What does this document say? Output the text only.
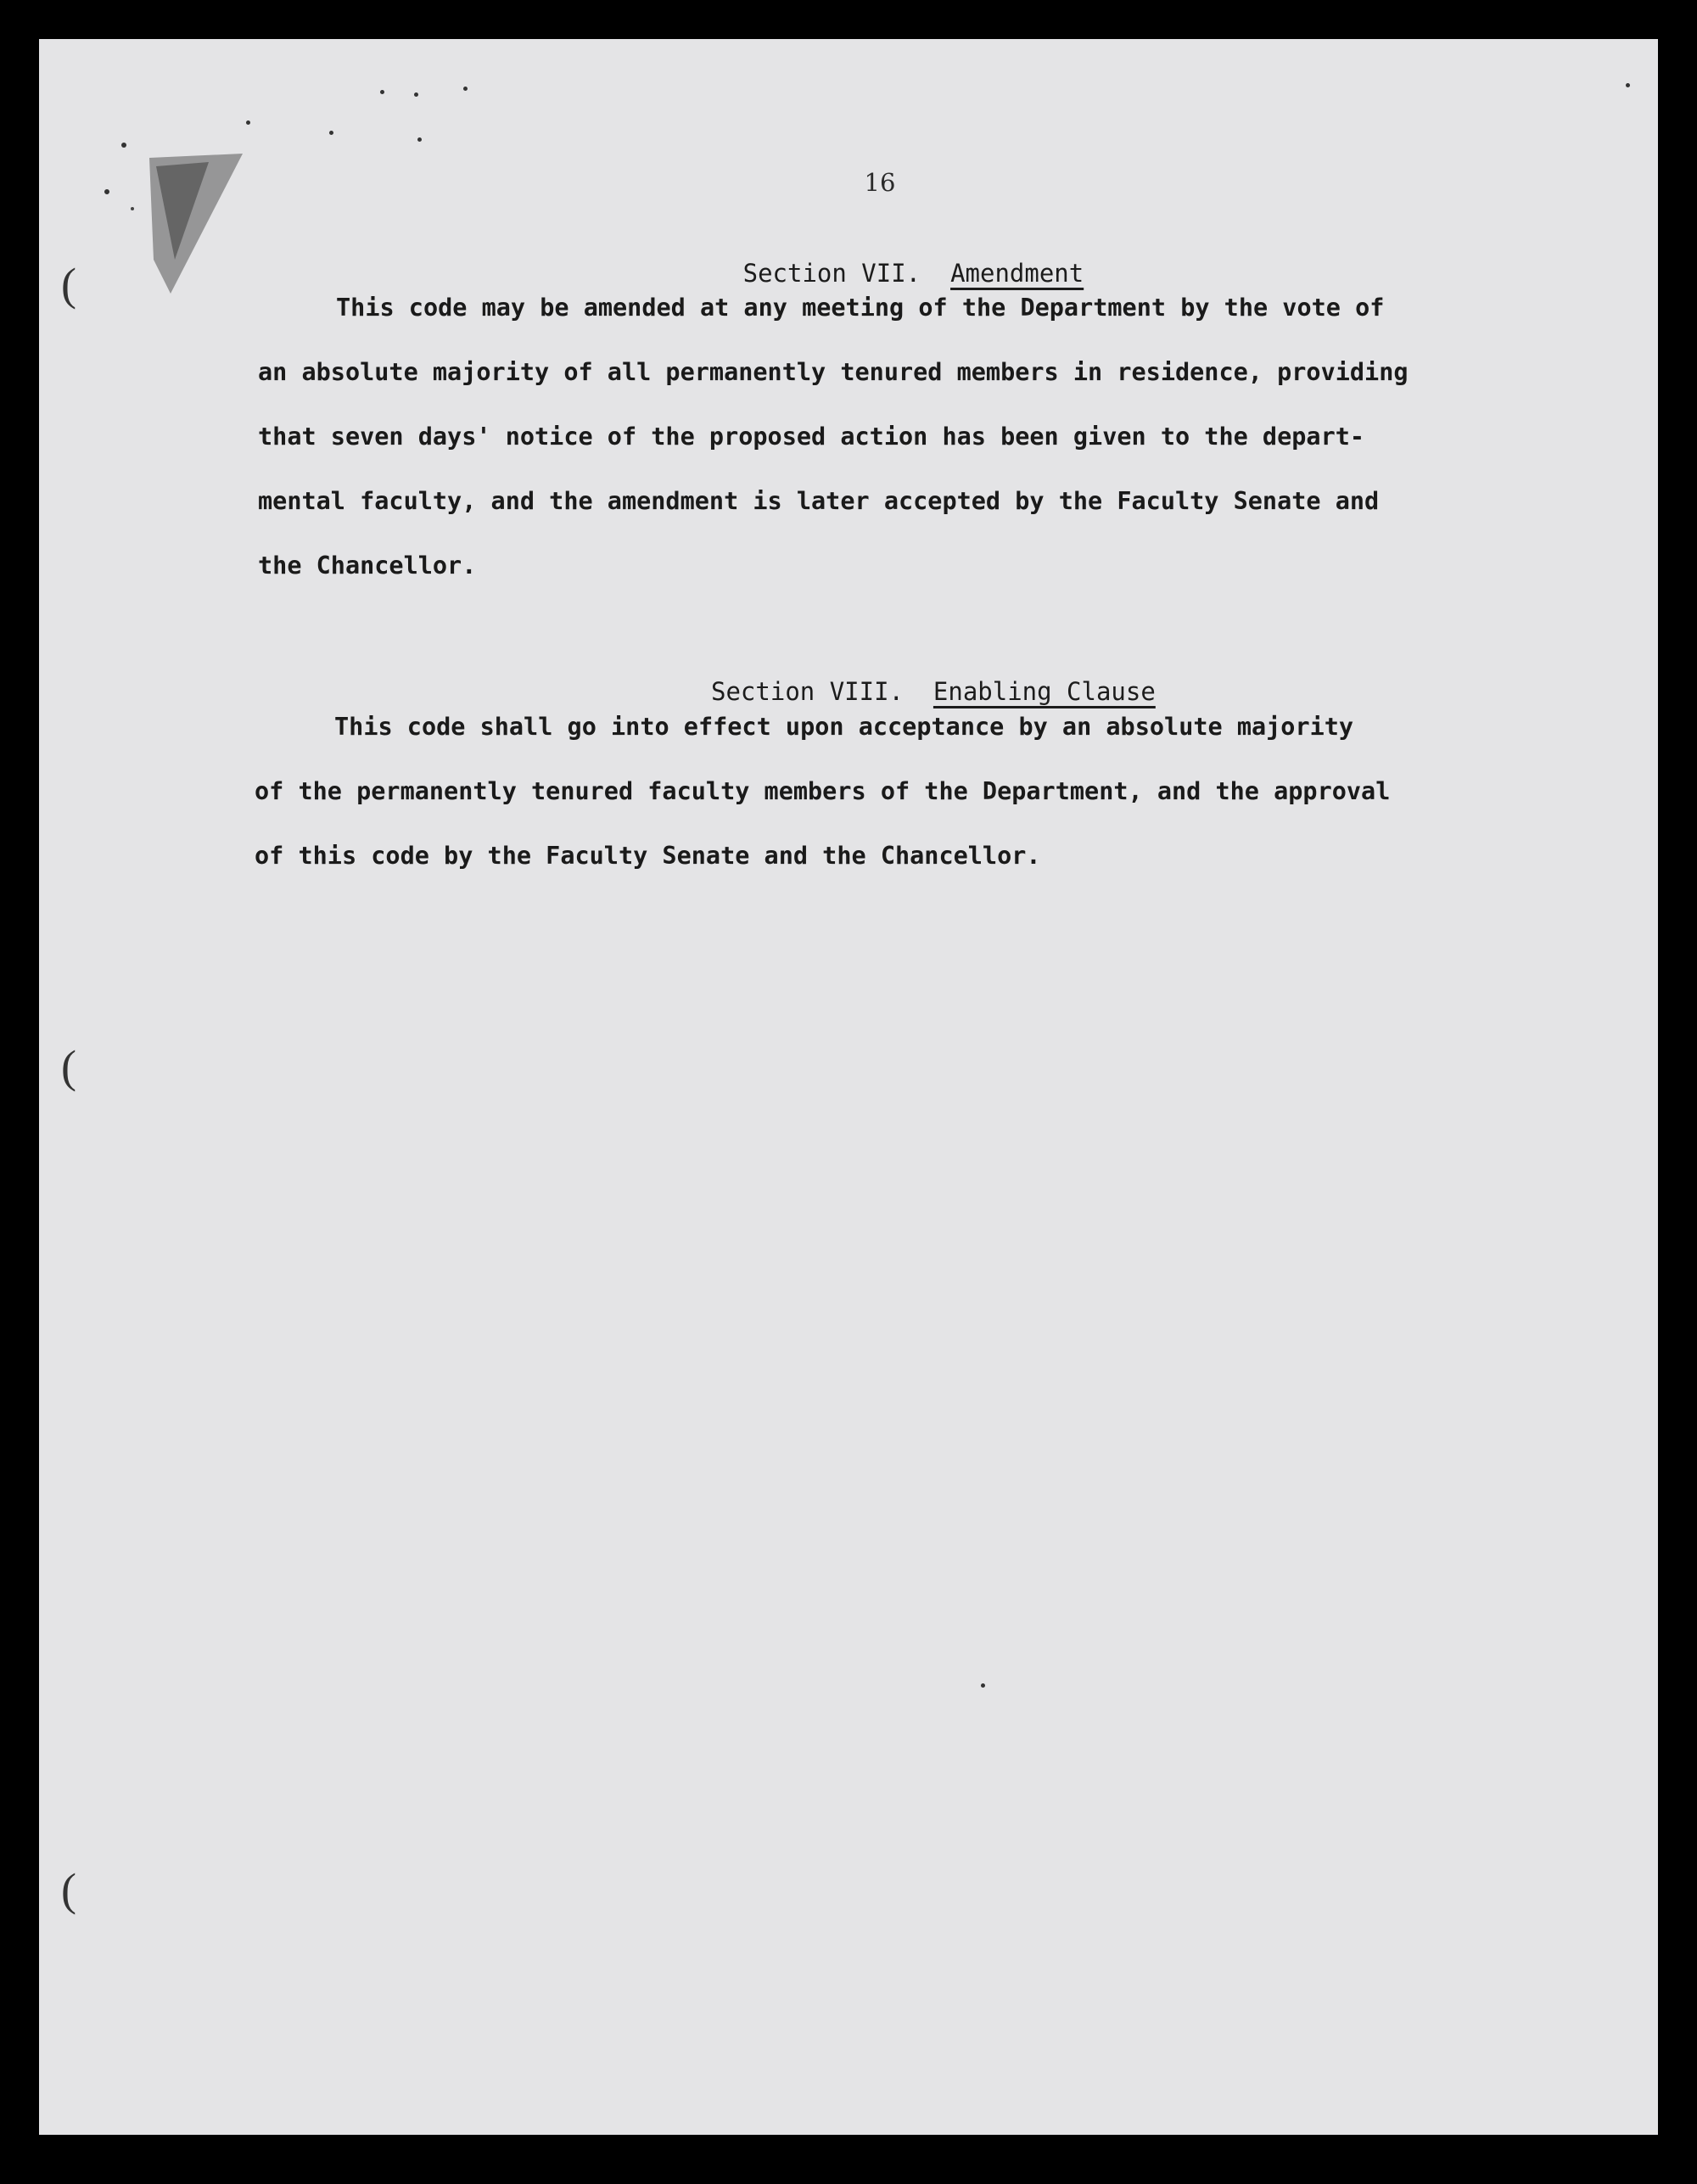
(
(
(
16

Section VII. Amendment

This code may be amended at any meeting of the Department by the vote of
an absolute majority of all permanently tenured members in residence, providing
that seven days' notice of the proposed action has been given to the depart-
mental faculty, and the amendment is later accepted by the Faculty Senate and
the Chancellor.

Section VIII. Enabling Clause

This code shall go into effect upon acceptance by an absolute majority
of the permanently tenured faculty members of the Department, and the approval
of this code by the Faculty Senate and the Chancellor.
